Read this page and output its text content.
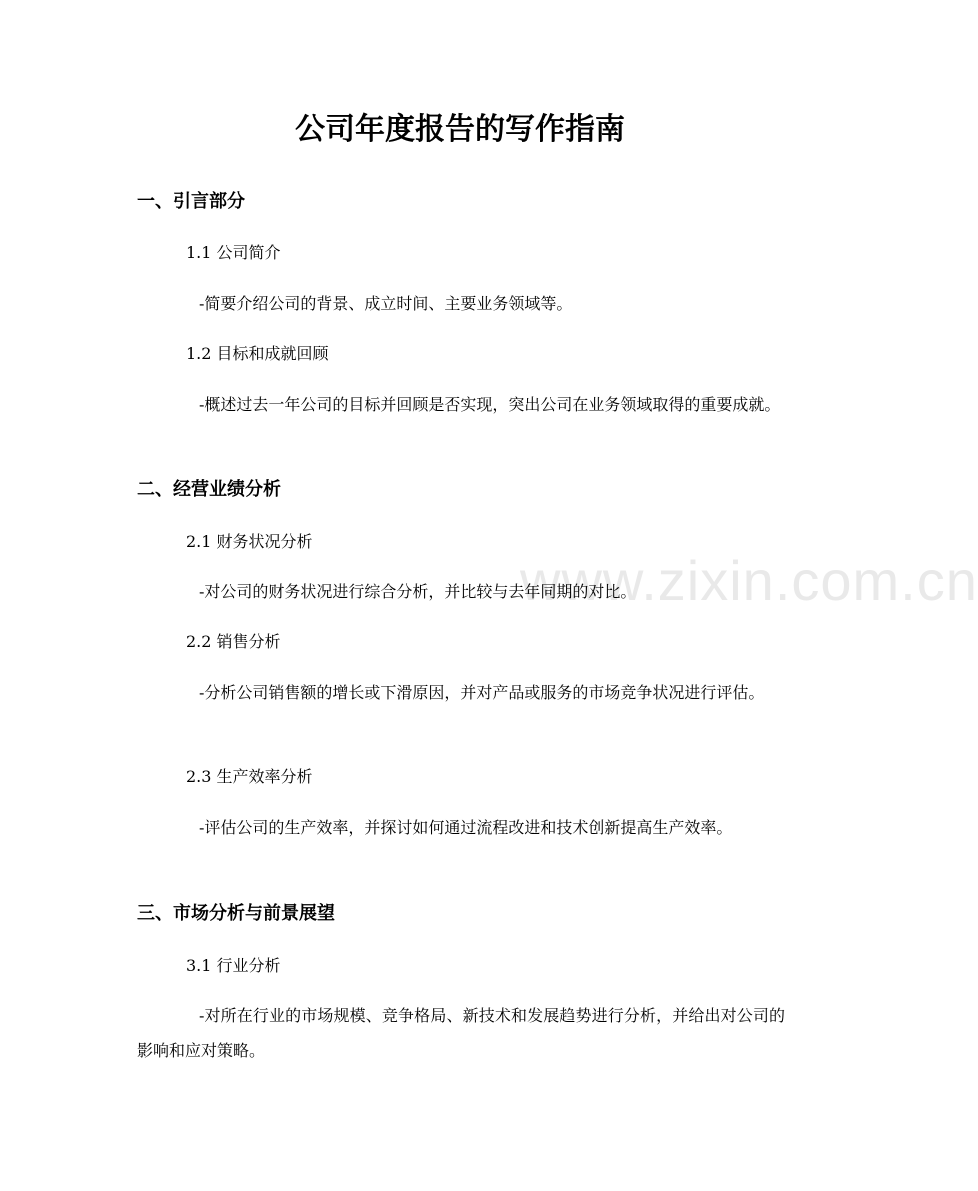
www.zixin.com.cn
公司年度报告的写作指南
一、引言部分
1.1 公司简介
-简要介绍公司的背景、成立时间、主要业务领域等。
1.2 目标和成就回顾
-概述过去一年公司的目标并回顾是否实现，突出公司在业务领域取得的重要成就。
二、经营业绩分析
2.1 财务状况分析
-对公司的财务状况进行综合分析，并比较与去年同期的对比。
2.2 销售分析
-分析公司销售额的增长或下滑原因，并对产品或服务的市场竞争状况进行评估。
2.3 生产效率分析
-评估公司的生产效率，并探讨如何通过流程改进和技术创新提高生产效率。
三、市场分析与前景展望
3.1 行业分析
-对所在行业的市场规模、竞争格局、新技术和发展趋势进行分析，并给出对公司的影响和应对策略。
